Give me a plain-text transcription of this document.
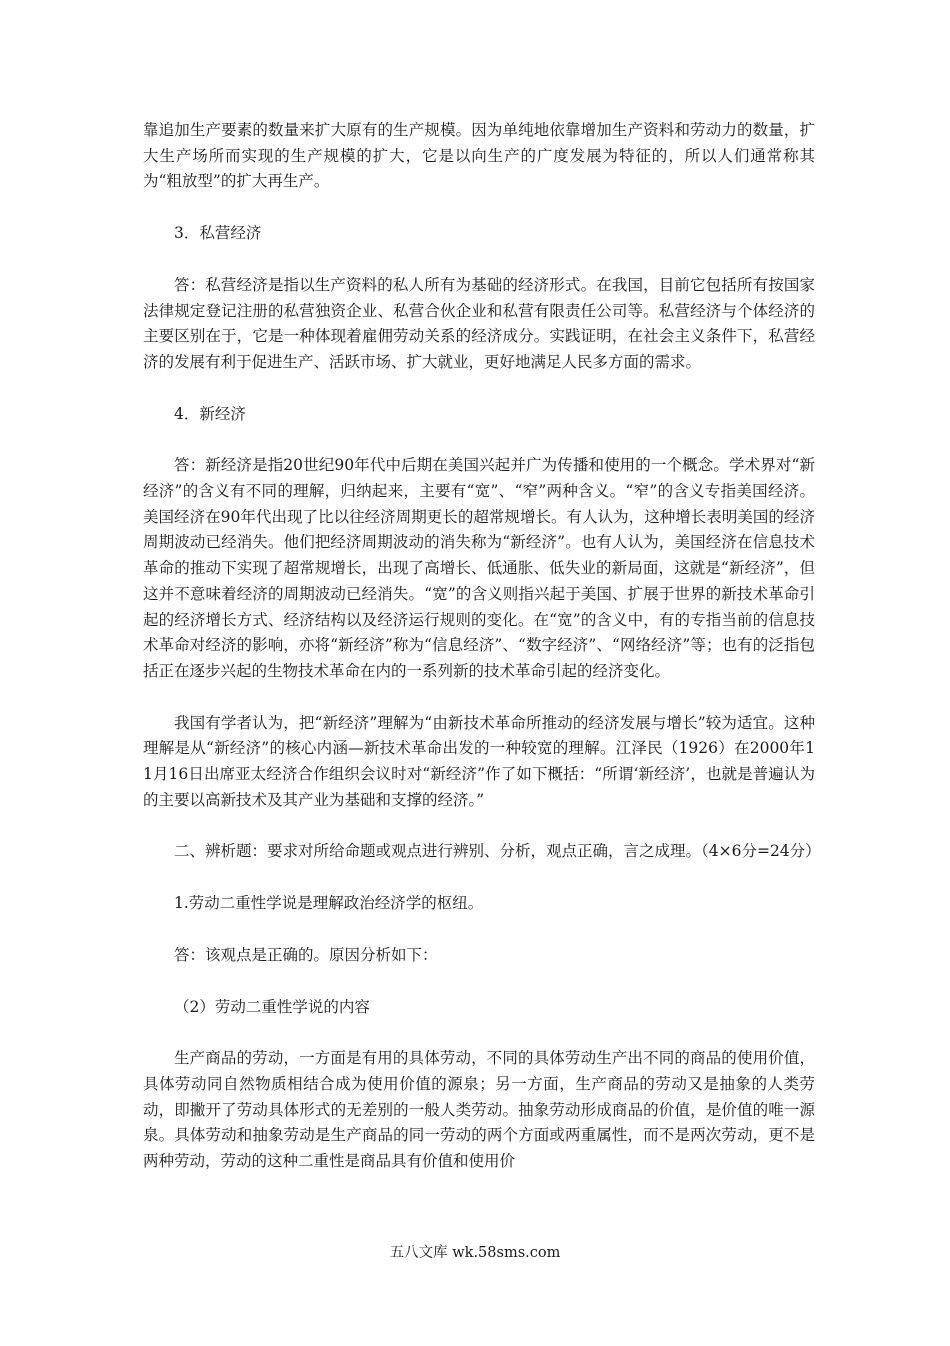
靠追加生产要素的数量来扩大原有的生产规模。因为单纯地依靠增加生产资料和劳动力的数量，扩大生产场所而实现的生产规模的扩大，它是以向生产的广度发展为特征的，所以人们通常称其为“粗放型”的扩大再生产。

3．私营经济

答：私营经济是指以生产资料的私人所有为基础的经济形式。在我国，目前它包括所有按国家法律规定登记注册的私营独资企业、私营合伙企业和私营有限责任公司等。私营经济与个体经济的主要区别在于，它是一种体现着雇佣劳动关系的经济成分。实践证明，在社会主义条件下，私营经济的发展有利于促进生产、活跃市场、扩大就业，更好地满足人民多方面的需求。

4．新经济

答：新经济是指20世纪90年代中后期在美国兴起并广为传播和使用的一个概念。学术界对“新经济”的含义有不同的理解，归纳起来，主要有“宽”、“窄”两种含义。“窄”的含义专指美国经济。美国经济在90年代出现了比以往经济周期更长的超常规增长。有人认为，这种增长表明美国的经济周期波动已经消失。他们把经济周期波动的消失称为“新经济”。也有人认为，美国经济在信息技术革命的推动下实现了超常规增长，出现了高增长、低通胀、低失业的新局面，这就是“新经济”，但这并不意味着经济的周期波动已经消失。“宽”的含义则指兴起于美国、扩展于世界的新技术革命引起的经济增长方式、经济结构以及经济运行规则的变化。在“宽”的含义中，有的专指当前的信息技术革命对经济的影响，亦将“新经济”称为“信息经济”、“数字经济”、“网络经济”等；也有的泛指包括正在逐步兴起的生物技术革命在内的一系列新的技术革命引起的经济变化。

我国有学者认为，把“新经济”理解为“由新技术革命所推动的经济发展与增长”较为适宜。这种理解是从“新经济”的核心内涵—新技术革命出发的一种较宽的理解。江泽民（1926）在2000年11月16日出席亚太经济合作组织会议时对“新经济”作了如下概括：“所谓‘新经济’，也就是普遍认为的主要以高新技术及其产业为基础和支撑的经济。”

二、辨析题：要求对所给命题或观点进行辨别、分析，观点正确，言之成理。（4×6分=24分）

1.劳动二重性学说是理解政治经济学的枢纽。

答：该观点是正确的。原因分析如下：

（2）劳动二重性学说的内容

生产商品的劳动，一方面是有用的具体劳动，不同的具体劳动生产出不同的商品的使用价值，具体劳动同自然物质相结合成为使用价值的源泉；另一方面，生产商品的劳动又是抽象的人类劳动，即撇开了劳动具体形式的无差别的一般人类劳动。抽象劳动形成商品的价值，是价值的唯一源泉。具体劳动和抽象劳动是生产商品的同一劳动的两个方面或两重属性，而不是两次劳动，更不是两种劳动，劳动的这种二重性是商品具有价值和使用价

五八文库 wk.58sms.com
